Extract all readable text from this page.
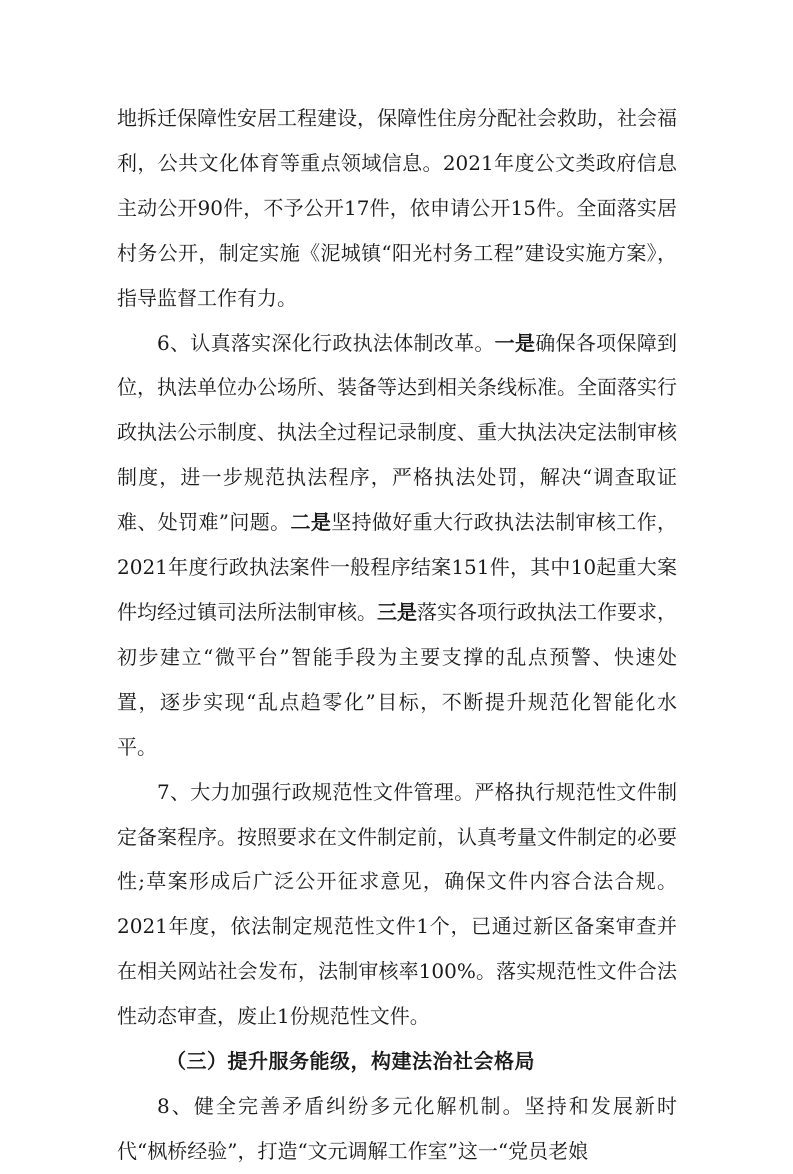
地拆迁保障性安居工程建设，保障性住房分配社会救助，社会福利，公共文化体育等重点领域信息。2021年度公文类政府信息主动公开90件，不予公开17件，依申请公开15件。全面落实居村务公开，制定实施《泥城镇“阳光村务工程”建设实施方案》，指导监督工作有力。

6、认真落实深化行政执法体制改革。一是确保各项保障到位，执法单位办公场所、装备等达到相关条线标准。全面落实行政执法公示制度、执法全过程记录制度、重大执法决定法制审核制度，进一步规范执法程序，严格执法处罚，解决“调查取证难、处罚难”问题。二是坚持做好重大行政执法法制审核工作，2021年度行政执法案件一般程序结案151件，其中10起重大案件均经过镇司法所法制审核。三是落实各项行政执法工作要求，初步建立“微平台”智能手段为主要支撑的乱点预警、快速处置，逐步实现“乱点趋零化”目标，不断提升规范化智能化水平。

7、大力加强行政规范性文件管理。严格执行规范性文件制定备案程序。按照要求在文件制定前，认真考量文件制定的必要性;草案形成后广泛公开征求意见，确保文件内容合法合规。2021年度，依法制定规范性文件1个，已通过新区备案审查并在相关网站社会发布，法制审核率100%。落实规范性文件合法性动态审查，废止1份规范性文件。

（三）提升服务能级，构建法治社会格局

8、健全完善矛盾纠纷多元化解机制。坚持和发展新时代“枫桥经验”，打造“文元调解工作室”这一“党员老娘
